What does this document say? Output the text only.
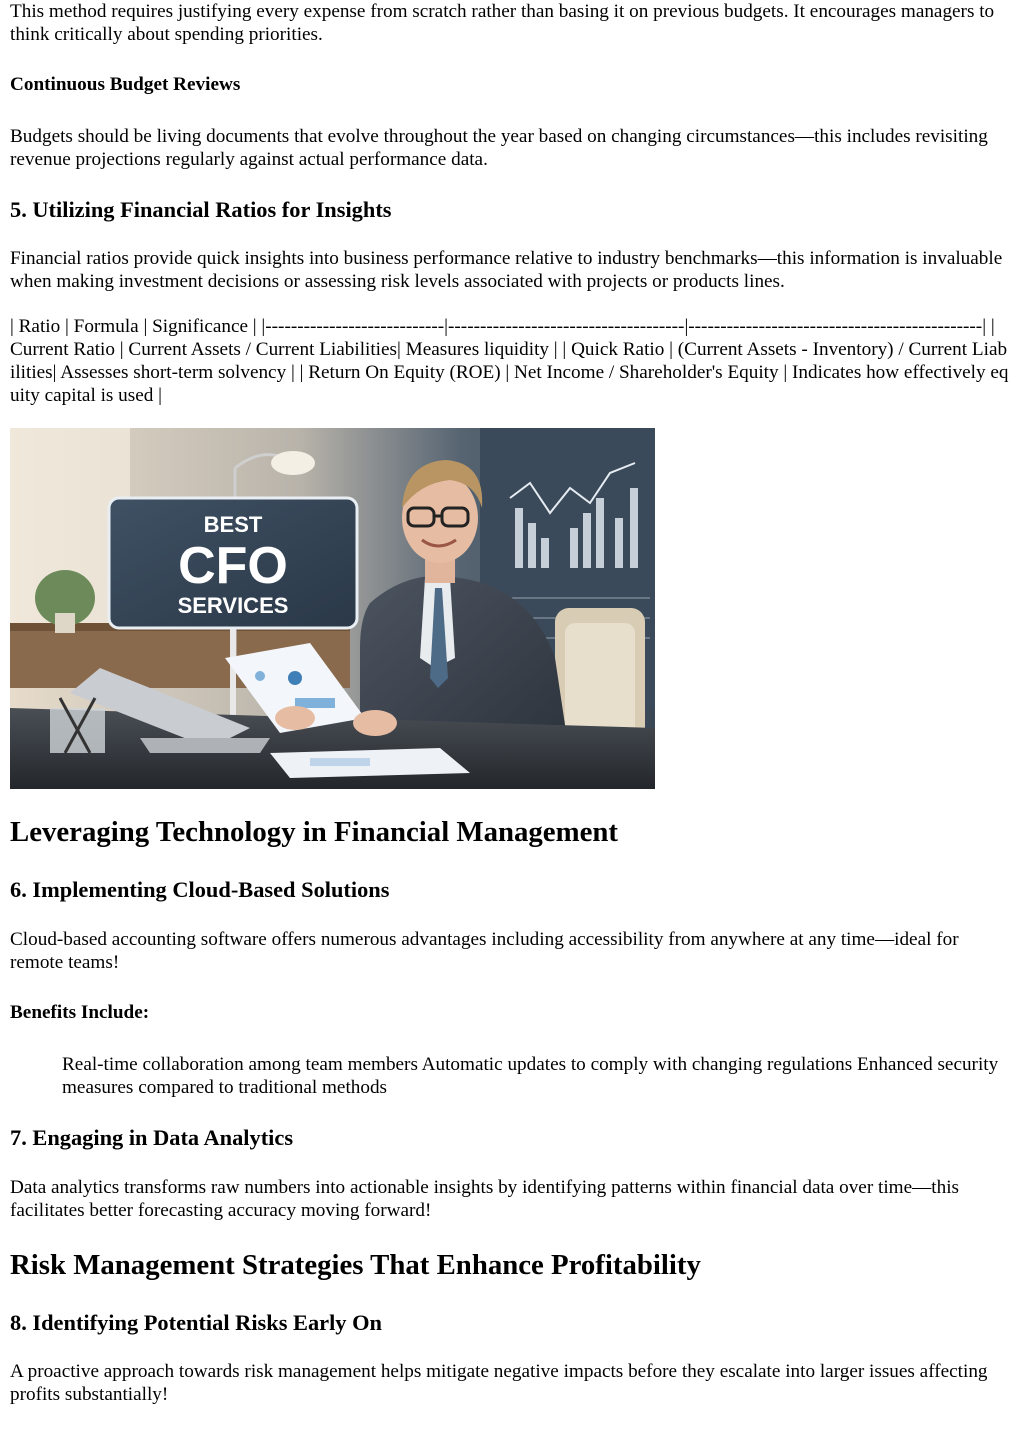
This method requires justifying every expense from scratch rather than basing it on previous budgets. It encourages managers to think critically about spending priorities.

Continuous Budget Reviews

Budgets should be living documents that evolve throughout the year based on changing circumstances—this includes revisiting revenue projections regularly against actual performance data.

5. Utilizing Financial Ratios for Insights

Financial ratios provide quick insights into business performance relative to industry benchmarks—this information is invaluable when making investment decisions or assessing risk levels associated with projects or products lines.

| Ratio | Formula | Significance | |----------------------------|-------------------------------------|----------------------------------------------| | Current Ratio | Current Assets / Current Liabilities| Measures liquidity | | Quick Ratio | (Current Assets - Inventory) / Current Liabilities| Assesses short-term solvency | | Return On Equity (ROE) | Net Income / Shareholder's Equity | Indicates how effectively equity capital is used |

BEST
CFO
SERVICES
Leveraging Technology in Financial Management
6. Implementing Cloud-Based Solutions

Cloud-based accounting software offers numerous advantages including accessibility from anywhere at any time—ideal for remote teams!

Benefits Include:
Real-time collaboration among team members Automatic updates to comply with changing regulations Enhanced security measures compared to traditional methods
7. Engaging in Data Analytics

Data analytics transforms raw numbers into actionable insights by identifying patterns within financial data over time—this facilitates better forecasting accuracy moving forward!

Risk Management Strategies That Enhance Profitability
8. Identifying Potential Risks Early On

A proactive approach towards risk management helps mitigate negative impacts before they escalate into larger issues affecting profits substantially!
